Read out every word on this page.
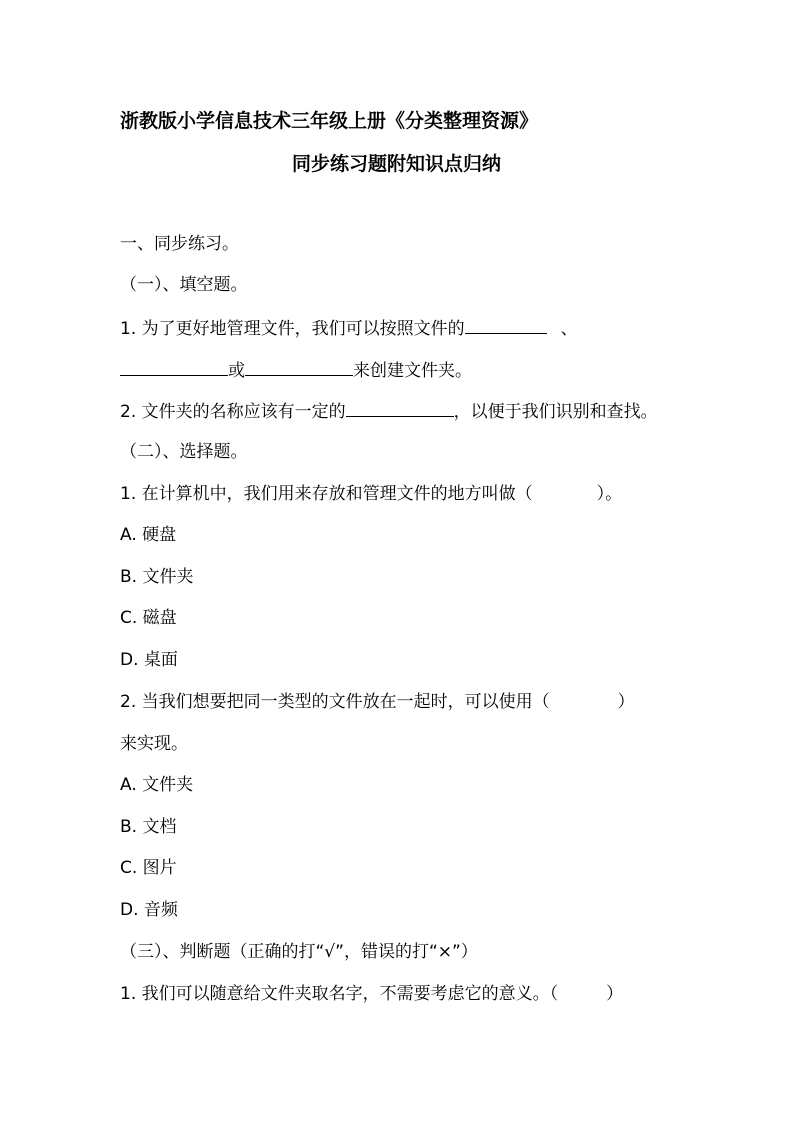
浙教版小学信息技术三年级上册《分类整理资源》
同步练习题附知识点归纳
一、同步练习。
（一）、填空题。
1. 为了更好地管理文件，我们可以按照文件的	、
或	来创建文件夹。
2. 文件夹的名称应该有一定的	，以便于我们识别和查找。
（二）、选择题。
1. 在计算机中，我们用来存放和管理文件的地方叫做（	）。
A. 硬盘
B. 文件夹
C. 磁盘
D. 桌面
2. 当我们想要把同一类型的文件放在一起时，可以使用（	）
来实现。
A. 文件夹
B. 文档
C. 图片
D. 音频
（三）、判断题（正确的打“√”，错误的打“×”）
1. 我们可以随意给文件夹取名字，不需要考虑它的意义。（	）
